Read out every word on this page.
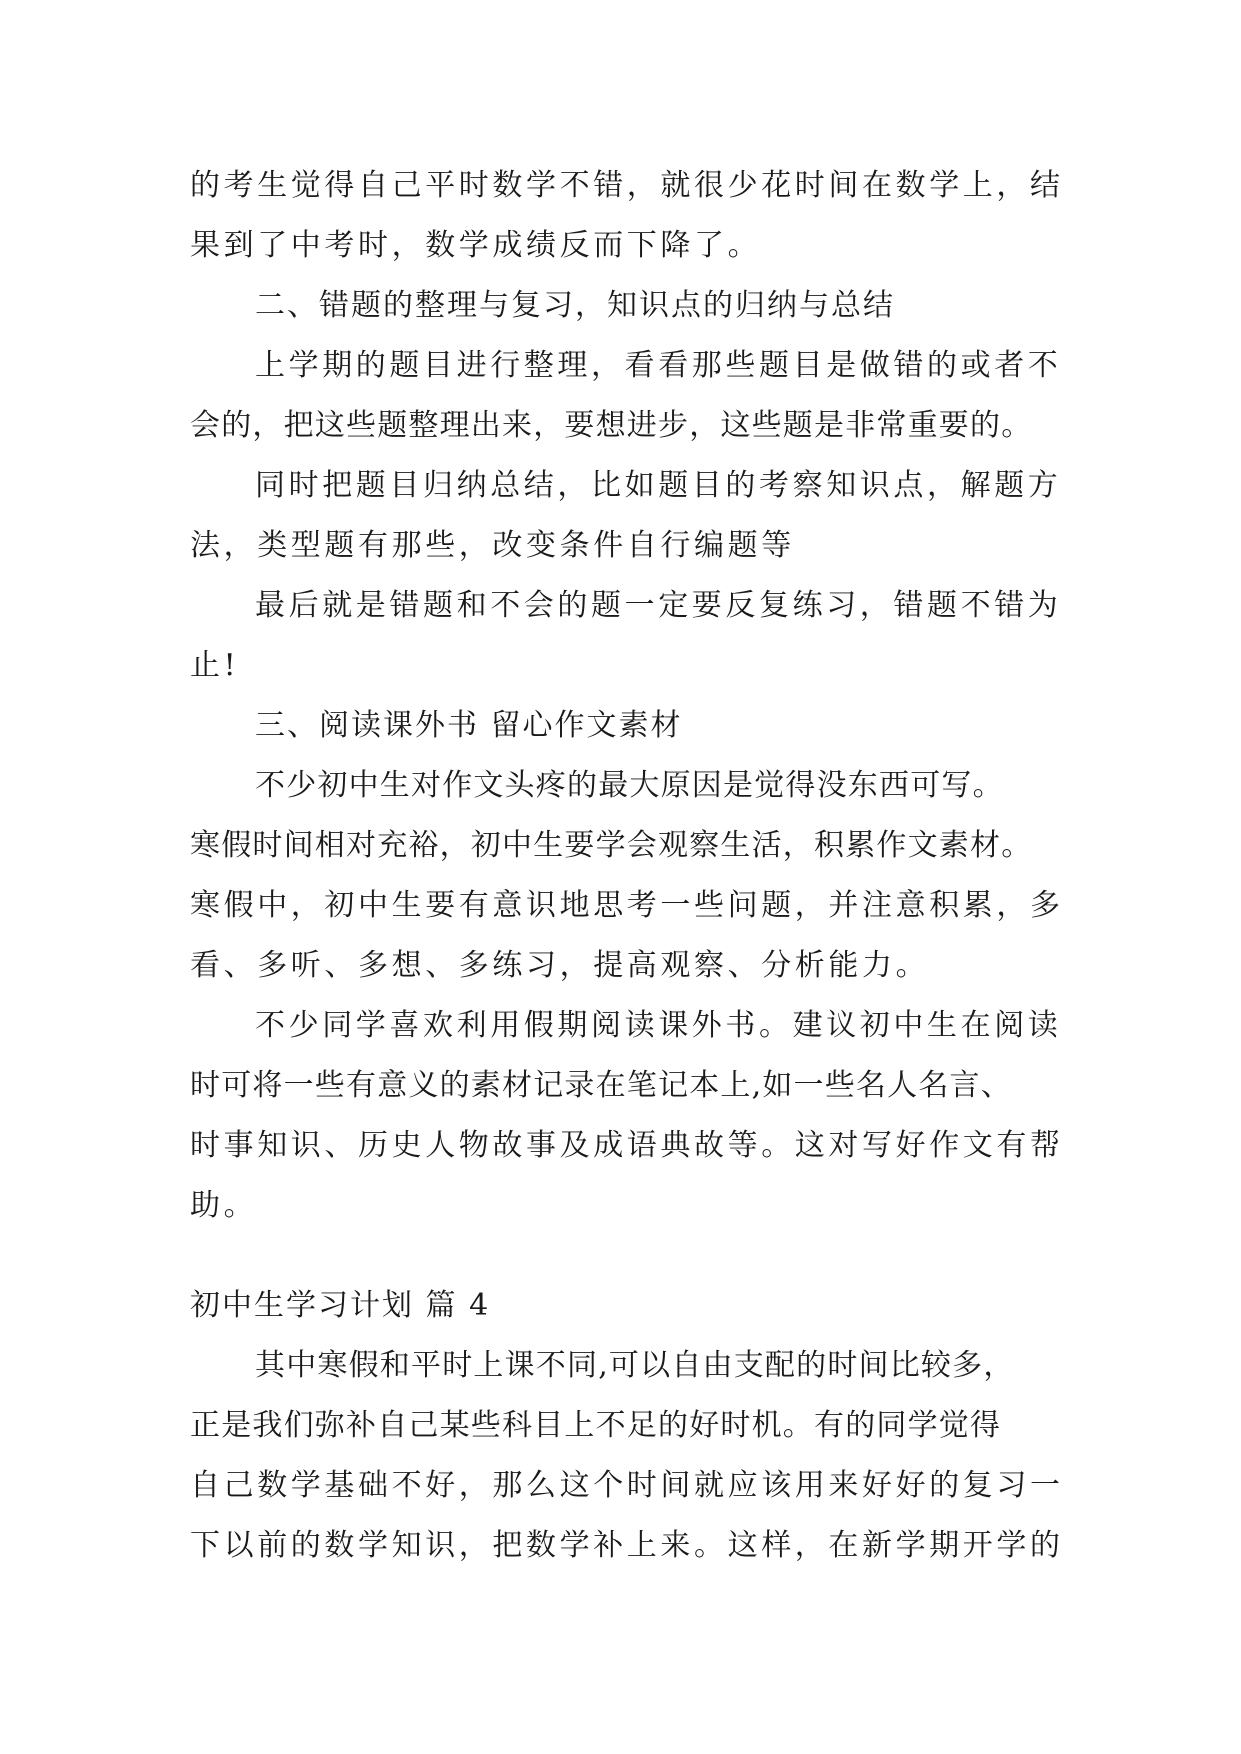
的考生觉得自己平时数学不错，就很少花时间在数学上，结
果到了中考时，数学成绩反而下降了。
二、错题的整理与复习，知识点的归纳与总结
上学期的题目进行整理，看看那些题目是做错的或者不
会的，把这些题整理出来，要想进步，这些题是非常重要的。
同时把题目归纳总结，比如题目的考察知识点，解题方
法，类型题有那些，改变条件自行编题等
最后就是错题和不会的题一定要反复练习，错题不错为
止!
三、阅读课外书 留心作文素材
不少初中生对作文头疼的最大原因是觉得没东西可写。
寒假时间相对充裕，初中生要学会观察生活，积累作文素材。
寒假中，初中生要有意识地思考一些问题，并注意积累，多
看、多听、多想、多练习，提高观察、分析能力。
不少同学喜欢利用假期阅读课外书。建议初中生在阅读
时可将一些有意义的素材记录在笔记本上,如一些名人名言、
时事知识、历史人物故事及成语典故等。这对写好作文有帮
助。
初中生学习计划 篇 4
其中寒假和平时上课不同,可以自由支配的时间比较多，
正是我们弥补自己某些科目上不足的好时机。有的同学觉得
自己数学基础不好，那么这个时间就应该用来好好的复习一
下以前的数学知识，把数学补上来。这样，在新学期开学的
